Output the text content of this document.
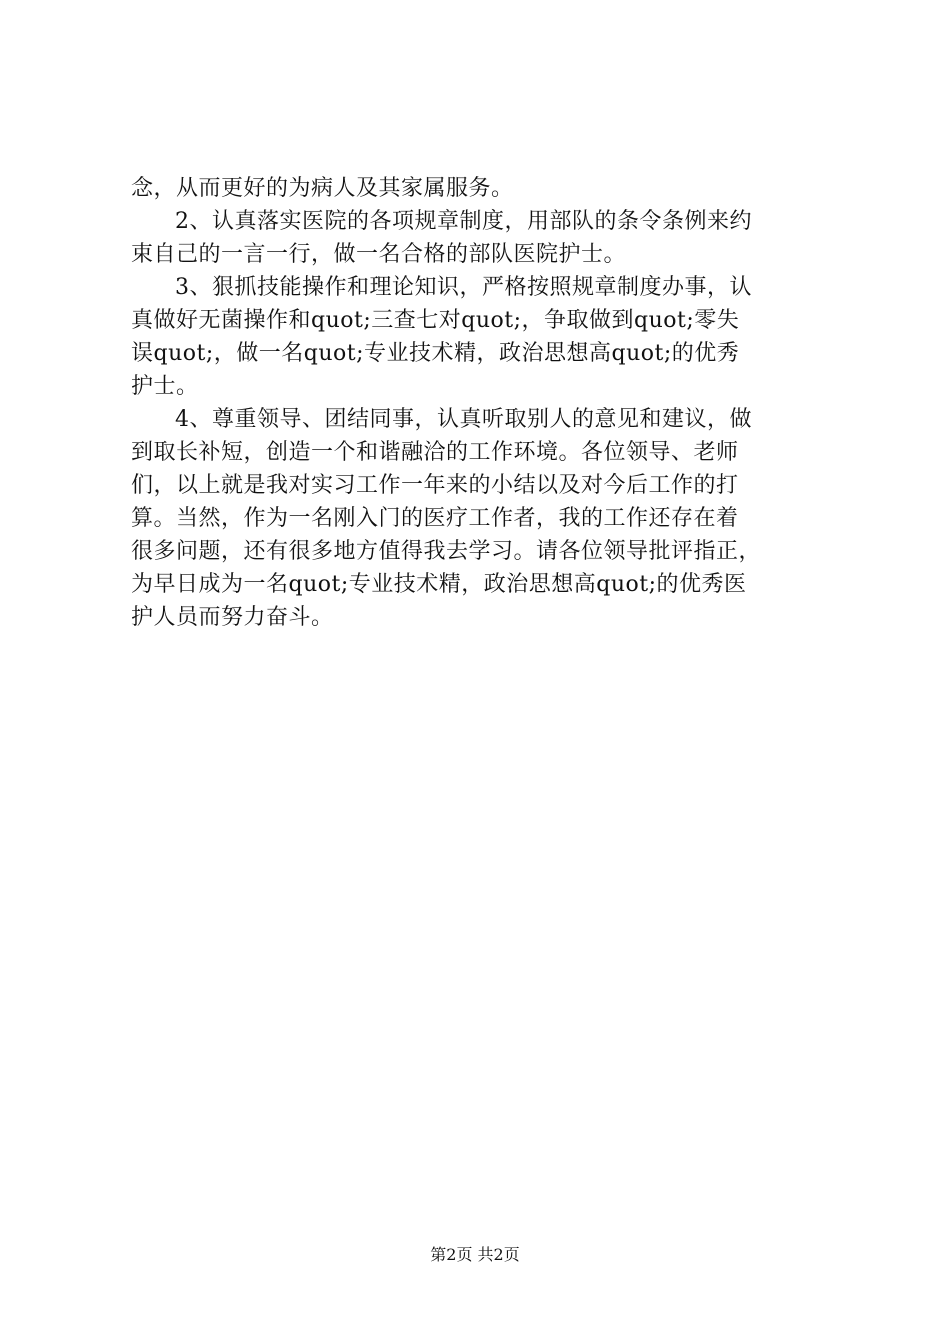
念，从而更好的为病人及其家属服务。
2、认真落实医院的各项规章制度，用部队的条令条例来约
束自己的一言一行，做一名合格的部队医院护士。
3、狠抓技能操作和理论知识，严格按照规章制度办事，认
真做好无菌操作和quot;三查七对quot;，争取做到quot;零失
误quot;，做一名quot;专业技术精，政治思想高quot;的优秀
护士。
4、尊重领导、团结同事，认真听取别人的意见和建议，做
到取长补短，创造一个和谐融洽的工作环境。各位领导、老师
们，以上就是我对实习工作一年来的小结以及对今后工作的打
算。当然，作为一名刚入门的医疗工作者，我的工作还存在着
很多问题，还有很多地方值得我去学习。请各位领导批评指正，
为早日成为一名quot;专业技术精，政治思想高quot;的优秀医
护人员而努力奋斗。
第2页 共2页
